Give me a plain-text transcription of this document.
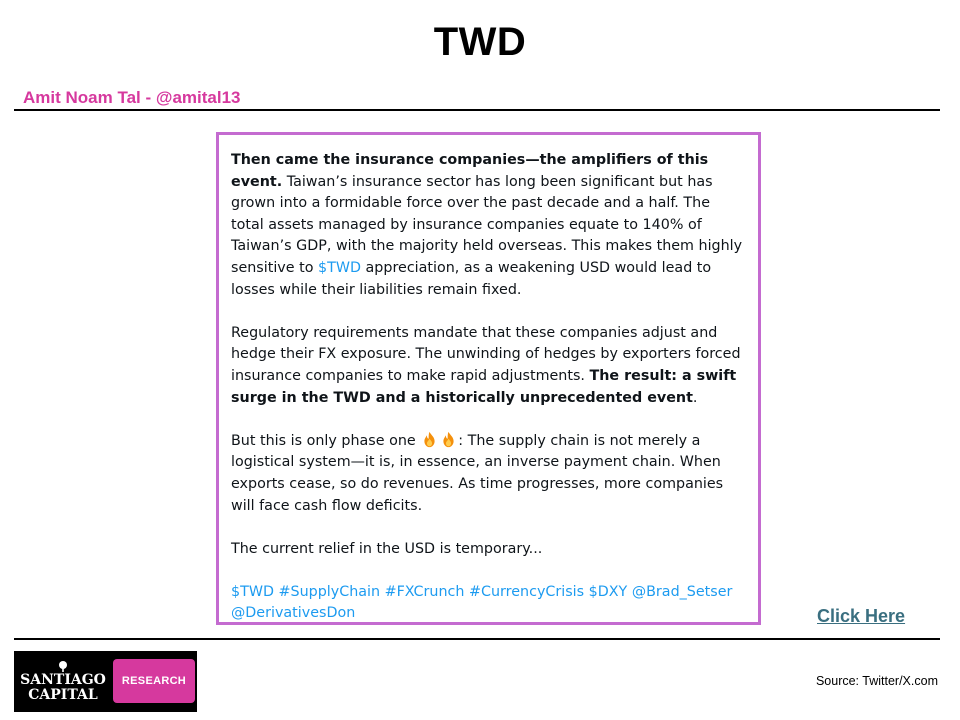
TWD
Amit Noam Tal - @amital13

Then came the insurance companies—the amplifiers of this event. Taiwan’s insurance sector has long been significant but has grown into a formidable force over the past decade and a half. The total assets managed by insurance companies equate to 140% of Taiwan’s GDP, with the majority held overseas. This makes them highly sensitive to $TWD appreciation, as a weakening USD would lead to losses while their liabilities remain fixed.

Regulatory requirements mandate that these companies adjust and hedge their FX exposure. The unwinding of hedges by exporters forced insurance companies to make rapid adjustments. The result: a swift surge in the TWD and a historically unprecedented event.

But this is only phase one	: The supply chain is not merely a logistical system—it is, in essence, an inverse payment chain. When exports cease, so do revenues. As time progresses, more companies will face cash flow deficits.

The current relief in the USD is temporary...

$TWD #SupplyChain #FXCrunch #CurrencyCrisis $DXY @Brad_Setser @DerivativesDon	Click Here
SANTIAGO
CAPITAL
RESEARCH	Source: Twitter/X.com
